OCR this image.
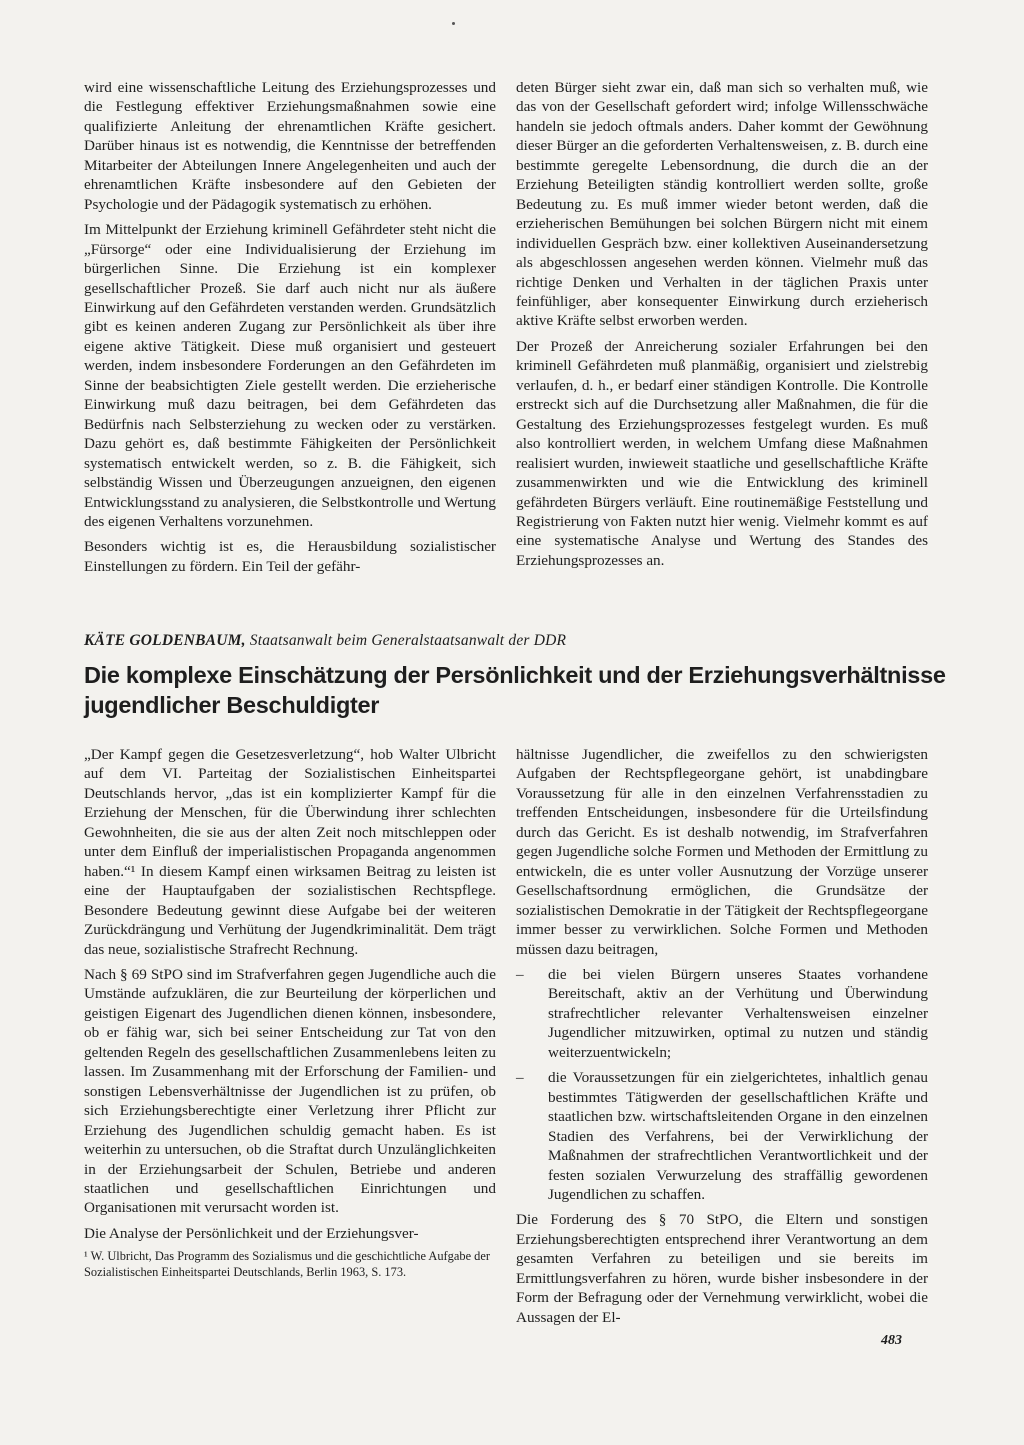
wird eine wissenschaftliche Leitung des Erziehungsprozesses und die Festlegung effektiver Erziehungsmaßnahmen sowie eine qualifizierte Anleitung der ehrenamtlichen Kräfte gesichert. Darüber hinaus ist es notwendig, die Kenntnisse der betreffenden Mitarbeiter der Abteilungen Innere Angelegenheiten und auch der ehrenamtlichen Kräfte insbesondere auf den Gebieten der Psychologie und der Pädagogik systematisch zu erhöhen.

Im Mittelpunkt der Erziehung kriminell Gefährdeter steht nicht die „Fürsorge“ oder eine Individualisierung der Erziehung im bürgerlichen Sinne. Die Erziehung ist ein komplexer gesellschaftlicher Prozeß. Sie darf auch nicht nur als äußere Einwirkung auf den Gefährdeten verstanden werden. Grundsätzlich gibt es keinen anderen Zugang zur Persönlichkeit als über ihre eigene aktive Tätigkeit. Diese muß organisiert und gesteuert werden, indem insbesondere Forderungen an den Gefährdeten im Sinne der beabsichtigten Ziele gestellt werden. Die erzieherische Einwirkung muß dazu beitragen, bei dem Gefährdeten das Bedürfnis nach Selbsterziehung zu wecken oder zu verstärken. Dazu gehört es, daß bestimmte Fähigkeiten der Persönlichkeit systematisch entwickelt werden, so z. B. die Fähigkeit, sich selbständig Wissen und Überzeugungen anzueignen, den eigenen Entwicklungsstand zu analysieren, die Selbstkontrolle und Wertung des eigenen Verhaltens vorzunehmen.

Besonders wichtig ist es, die Herausbildung sozialistischer Einstellungen zu fördern. Ein Teil der gefähr-

deten Bürger sieht zwar ein, daß man sich so verhalten muß, wie das von der Gesellschaft gefordert wird; infolge Willensschwäche handeln sie jedoch oftmals anders. Daher kommt der Gewöhnung dieser Bürger an die geforderten Verhaltensweisen, z. B. durch eine bestimmte geregelte Lebensordnung, die durch die an der Erziehung Beteiligten ständig kontrolliert werden sollte, große Bedeutung zu. Es muß immer wieder betont werden, daß die erzieherischen Bemühungen bei solchen Bürgern nicht mit einem individuellen Gespräch bzw. einer kollektiven Auseinandersetzung als abgeschlossen angesehen werden können. Vielmehr muß das richtige Denken und Verhalten in der täglichen Praxis unter feinfühliger, aber konsequenter Einwirkung durch erzieherisch aktive Kräfte selbst erworben werden.

Der Prozeß der Anreicherung sozialer Erfahrungen bei den kriminell Gefährdeten muß planmäßig, organisiert und zielstrebig verlaufen, d. h., er bedarf einer ständigen Kontrolle. Die Kontrolle erstreckt sich auf die Durchsetzung aller Maßnahmen, die für die Gestaltung des Erziehungsprozesses festgelegt wurden. Es muß also kontrolliert werden, in welchem Umfang diese Maßnahmen realisiert wurden, inwieweit staatliche und gesellschaftliche Kräfte zusammenwirkten und wie die Entwicklung des kriminell gefährdeten Bürgers verläuft. Eine routinemäßige Feststellung und Registrierung von Fakten nutzt hier wenig. Vielmehr kommt es auf eine systematische Analyse und Wertung des Standes des Erziehungsprozesses an.

KÄTE GOLDENBAUM, Staatsanwalt beim Generalstaatsanwalt der DDR
Die komplexe Einschätzung der Persönlichkeit und der Erziehungsverhältnisse jugendlicher Beschuldigter

„Der Kampf gegen die Gesetzesverletzung“, hob Walter Ulbricht auf dem VI. Parteitag der Sozialistischen Einheitspartei Deutschlands hervor, „das ist ein komplizierter Kampf für die Erziehung der Menschen, für die Überwindung ihrer schlechten Gewohnheiten, die sie aus der alten Zeit noch mitschleppen oder unter dem Einfluß der imperialistischen Propaganda angenommen haben.“¹ In diesem Kampf einen wirksamen Beitrag zu leisten ist eine der Hauptaufgaben der sozialistischen Rechtspflege. Besondere Bedeutung gewinnt diese Aufgabe bei der weiteren Zurückdrängung und Verhütung der Jugendkriminalität. Dem trägt das neue, sozialistische Strafrecht Rechnung.

Nach § 69 StPO sind im Strafverfahren gegen Jugendliche auch die Umstände aufzuklären, die zur Beurteilung der körperlichen und geistigen Eigenart des Jugendlichen dienen können, insbesondere, ob er fähig war, sich bei seiner Entscheidung zur Tat von den geltenden Regeln des gesellschaftlichen Zusammenlebens leiten zu lassen. Im Zusammenhang mit der Erforschung der Familien- und sonstigen Lebensverhältnisse der Jugendlichen ist zu prüfen, ob sich Erziehungsberechtigte einer Verletzung ihrer Pflicht zur Erziehung des Jugendlichen schuldig gemacht haben. Es ist weiterhin zu untersuchen, ob die Straftat durch Unzulänglichkeiten in der Erziehungsarbeit der Schulen, Betriebe und anderen staatlichen und gesellschaftlichen Einrichtungen und Organisationen mit verursacht worden ist.

Die Analyse der Persönlichkeit und der Erziehungsver-

¹ W. Ulbricht, Das Programm des Sozialismus und die geschichtliche Aufgabe der Sozialistischen Einheitspartei Deutschlands, Berlin 1963, S. 173.

hältnisse Jugendlicher, die zweifellos zu den schwierigsten Aufgaben der Rechtspflegeorgane gehört, ist unabdingbare Voraussetzung für alle in den einzelnen Verfahrensstadien zu treffenden Entscheidungen, insbesondere für die Urteilsfindung durch das Gericht. Es ist deshalb notwendig, im Strafverfahren gegen Jugendliche solche Formen und Methoden der Ermittlung zu entwickeln, die es unter voller Ausnutzung der Vorzüge unserer Gesellschaftsordnung ermöglichen, die Grundsätze der sozialistischen Demokratie in der Tätigkeit der Rechtspflegeorgane immer besser zu verwirklichen. Solche Formen und Methoden müssen dazu beitragen,

–	die bei vielen Bürgern unseres Staates vorhandene Bereitschaft, aktiv an der Verhütung und Überwindung strafrechtlicher relevanter Verhaltensweisen einzelner Jugendlicher mitzuwirken, optimal zu nutzen und ständig weiterzuentwickeln;
–	die Voraussetzungen für ein zielgerichtetes, inhaltlich genau bestimmtes Tätigwerden der gesellschaftlichen Kräfte und staatlichen bzw. wirtschaftsleitenden Organe in den einzelnen Stadien des Verfahrens, bei der Verwirklichung der Maßnahmen der strafrechtlichen Verantwortlichkeit und der festen sozialen Verwurzelung des straffällig gewordenen Jugendlichen zu schaffen.

Die Forderung des § 70 StPO, die Eltern und sonstigen Erziehungsberechtigten entsprechend ihrer Verantwortung an dem gesamten Verfahren zu beteiligen und sie bereits im Ermittlungsverfahren zu hören, wurde bisher insbesondere in der Form der Befragung oder der Vernehmung verwirklicht, wobei die Aussagen der El-

483
